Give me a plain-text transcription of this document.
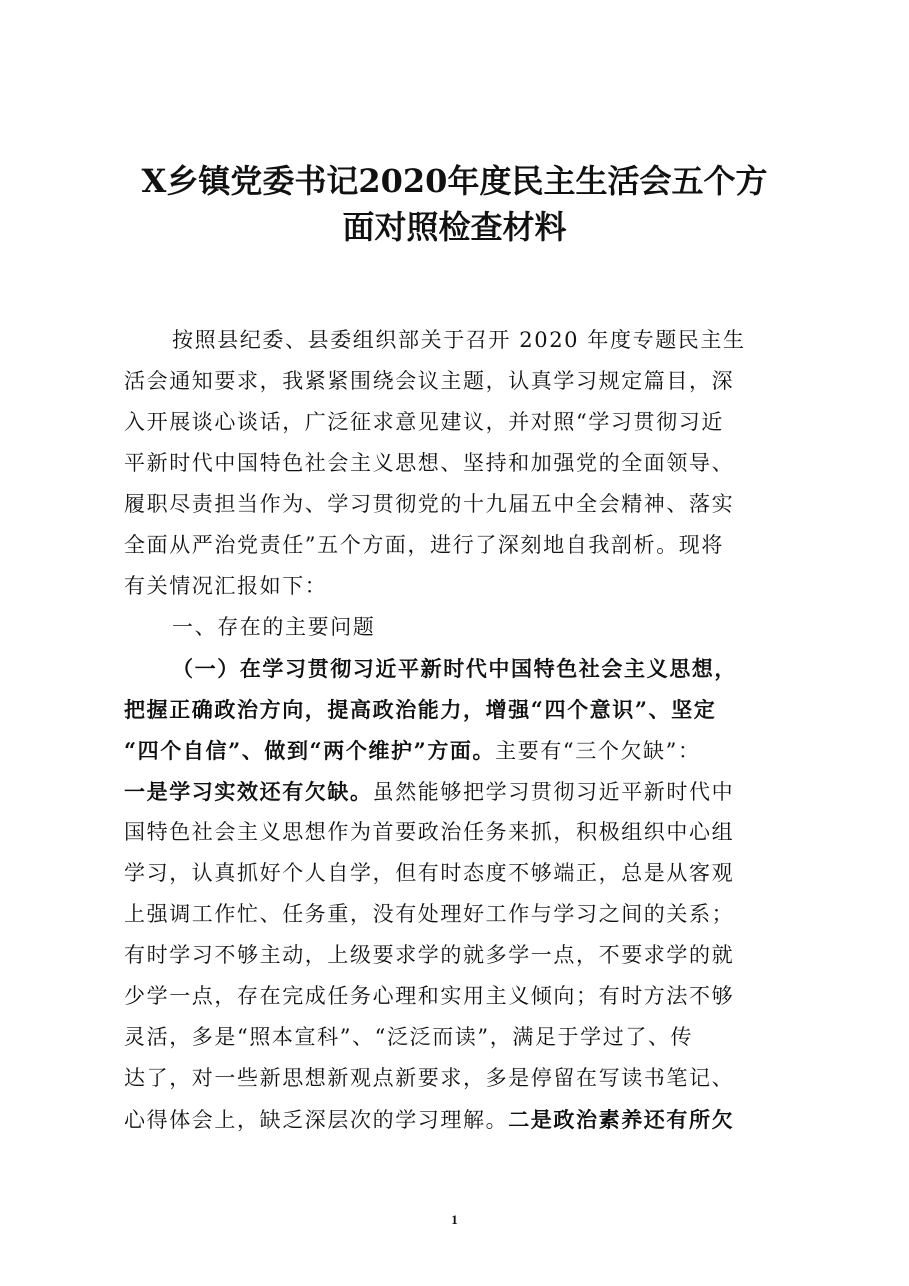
X乡镇党委书记2020年度民主生活会五个方
面对照检查材料
按照县纪委、县委组织部关于召开 2020 年度专题民主生
活会通知要求，我紧紧围绕会议主题，认真学习规定篇目，深
入开展谈心谈话，广泛征求意见建议，并对照“学习贯彻习近
平新时代中国特色社会主义思想、坚持和加强党的全面领导、
履职尽责担当作为、学习贯彻党的十九届五中全会精神、落实
全面从严治党责任”五个方面，进行了深刻地自我剖析。现将
有关情况汇报如下：
一、存在的主要问题
（一）在学习贯彻习近平新时代中国特色社会主义思想，
把握正确政治方向，提高政治能力，增强“四个意识”、坚定
“四个自信”、做到“两个维护”方面。主要有“三个欠缺”：
一是学习实效还有欠缺。虽然能够把学习贯彻习近平新时代中
国特色社会主义思想作为首要政治任务来抓，积极组织中心组
学习，认真抓好个人自学，但有时态度不够端正，总是从客观
上强调工作忙、任务重，没有处理好工作与学习之间的关系；
有时学习不够主动，上级要求学的就多学一点，不要求学的就
少学一点，存在完成任务心理和实用主义倾向；有时方法不够
灵活，多是“照本宣科”、“泛泛而读”，满足于学过了、传
达了，对一些新思想新观点新要求，多是停留在写读书笔记、
心得体会上，缺乏深层次的学习理解。二是政治素养还有所欠
1
